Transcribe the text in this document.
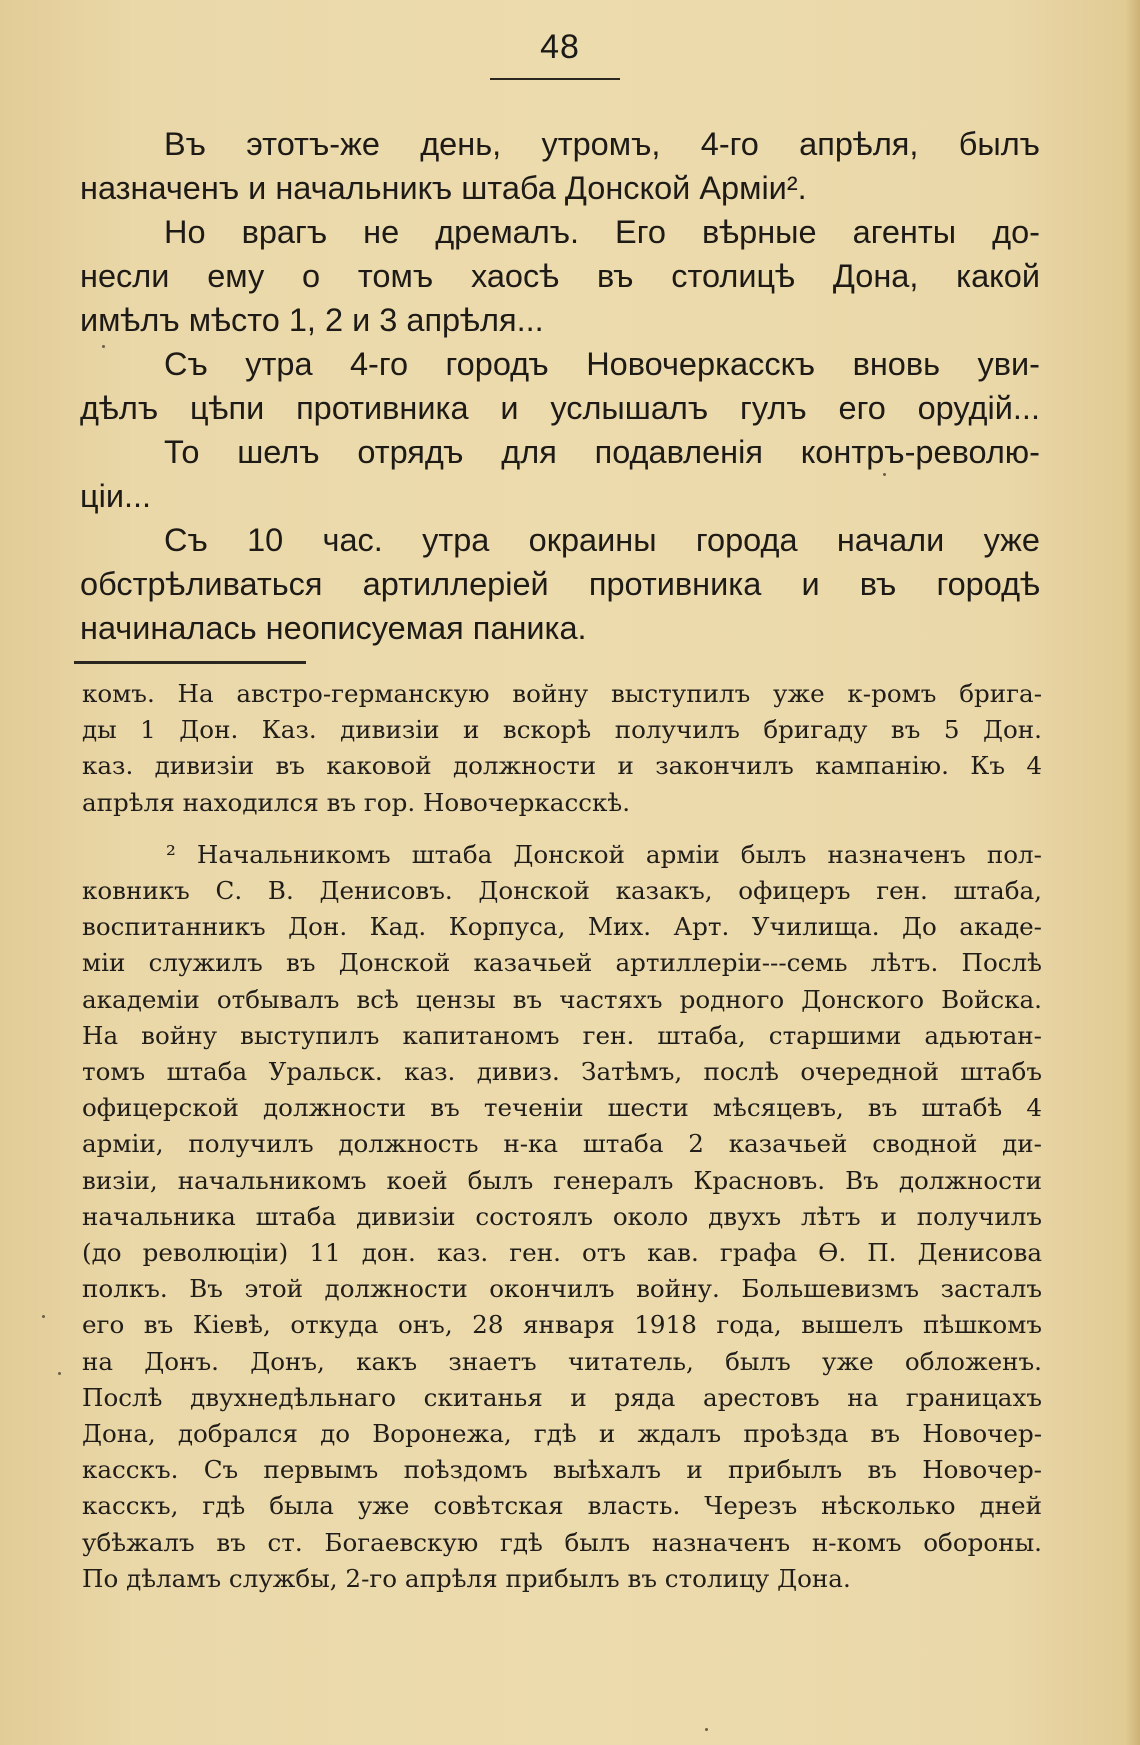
48

Въ этотъ-же день, утромъ, 4-го апрѣля, былъ
назначенъ и начальникъ штаба Донской Армiи².

Но врагъ не дремалъ. Его вѣрные агенты до-
несли ему о томъ хаосѣ въ столицѣ Дона, какой
имѣлъ мѣсто 1, 2 и 3 апрѣля...

Съ утра 4-го городъ Новочеркасскъ вновь уви-
дѣлъ цѣпи противника и услышалъ гулъ его орудiй...

То шелъ отрядъ для подавленiя контръ-револю-
цiи...

Съ 10 час. утра окраины города начали уже
обстрѣливаться артиллерiей противника и въ городѣ
начиналась неописуемая паника.

комъ. На австро-германскую войну выступилъ уже к-ромъ брига-
ды 1 Дон. Каз. дивизiи и вскорѣ получилъ бригаду въ 5 Дон.
каз. дивизiи въ каковой должности и закончилъ кампанiю. Къ 4
апрѣля находился въ гор. Новочеркасскѣ.
² Начальникомъ штаба Донской армiи былъ назначенъ пол-
ковникъ С. В. Денисовъ. Донской казакъ, офицеръ ген. штаба,
воспитанникъ Дон. Кад. Корпуса, Мих. Арт. Училища. До акаде-
мiи служилъ въ Донской казачьей артиллерiи---семь лѣтъ. Послѣ
академiи отбывалъ всѣ цензы въ частяхъ родного Донского Войска.
На войну выступилъ капитаномъ ген. штаба, старшими адьютан-
томъ штаба Уральск. каз. дивиз. Затѣмъ, послѣ очередной штабъ
офицерской должности въ теченiи шести мѣсяцевъ, въ штабѣ 4
армiи, получилъ должность н-ка штаба 2 казачьей сводной ди-
визiи, начальникомъ коей былъ генералъ Красновъ. Въ должности
начальника штаба дивизiи состоялъ около двухъ лѣтъ и получилъ
(до революцiи) 11 дон. каз. ген. отъ кав. графа Ѳ. П. Денисова
полкъ. Въ этой должности окончилъ войну. Большевизмъ засталъ
его въ Кiевѣ, откуда онъ, 28 января 1918 года, вышелъ пѣшкомъ
на Донъ. Донъ, какъ знаетъ читатель, былъ уже обложенъ.
Послѣ двухнедѣльнаго скитанья и ряда арестовъ на границахъ
Дона, добрался до Воронежа, гдѣ и ждалъ проѣзда въ Новочер-
касскъ. Съ первымъ поѣздомъ выѣхалъ и прибылъ въ Новочер-
касскъ, гдѣ была уже совѣтская власть. Черезъ нѣсколько дней
убѣжалъ въ ст. Богаевскую гдѣ былъ назначенъ н-комъ обороны.
По дѣламъ службы, 2-го апрѣля прибылъ въ столицу Дона.
